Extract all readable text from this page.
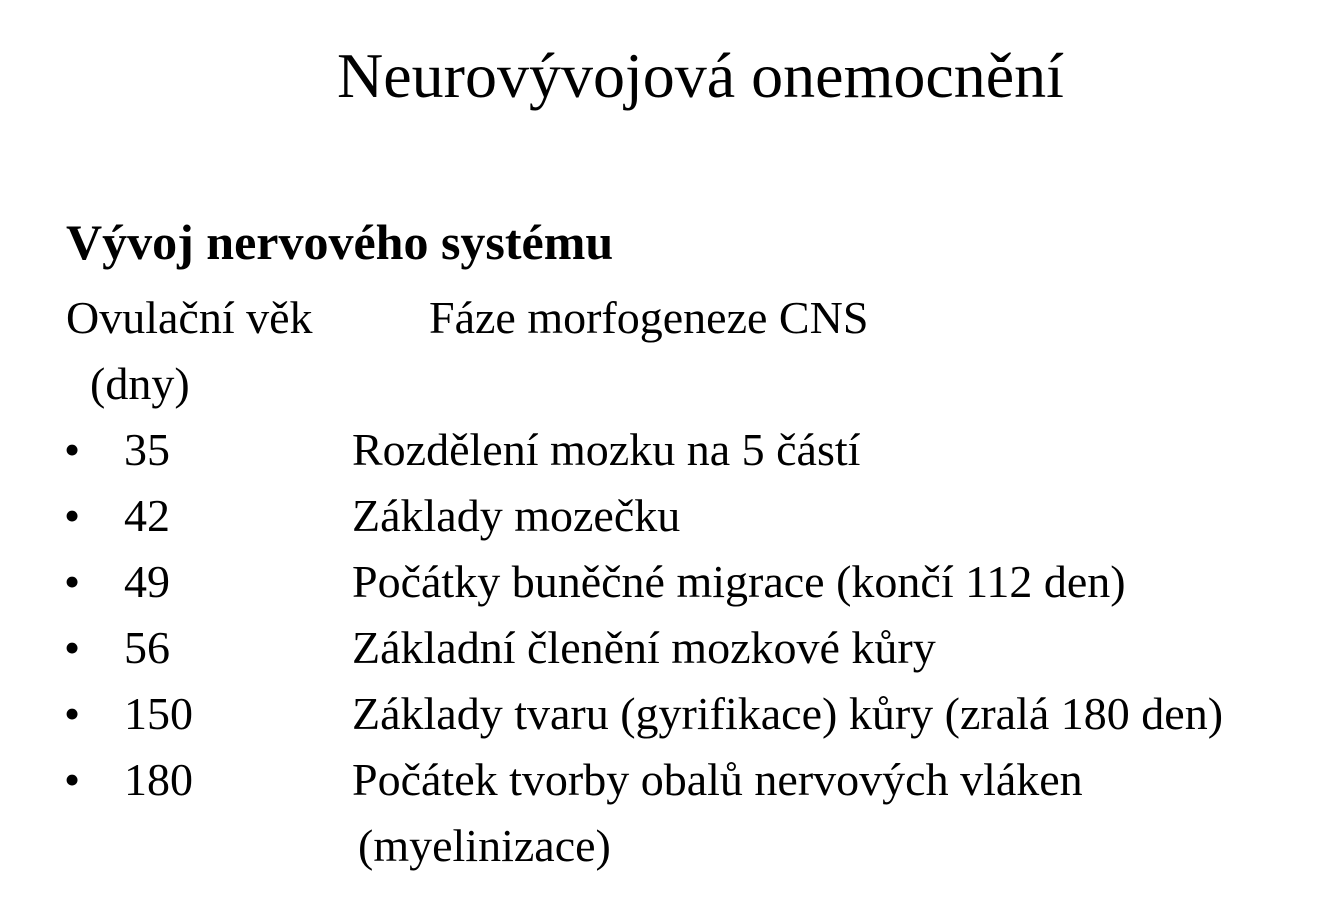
Neurovývojová onemocnění
Vývoj nervového systému
Ovulační věk	Fáze morfogeneze CNS
(dny)
• 35	Rozdělení mozku na 5 částí
• 42	Základy mozečku
• 49	Počátky buněčné migrace (končí 112 den)
• 56	Základní členění mozkové kůry
• 150	Základy tvaru (gyrifikace) kůry (zralá 180 den)
• 180	Počátek tvorby obalů nervových vláken
(myelinizace)
